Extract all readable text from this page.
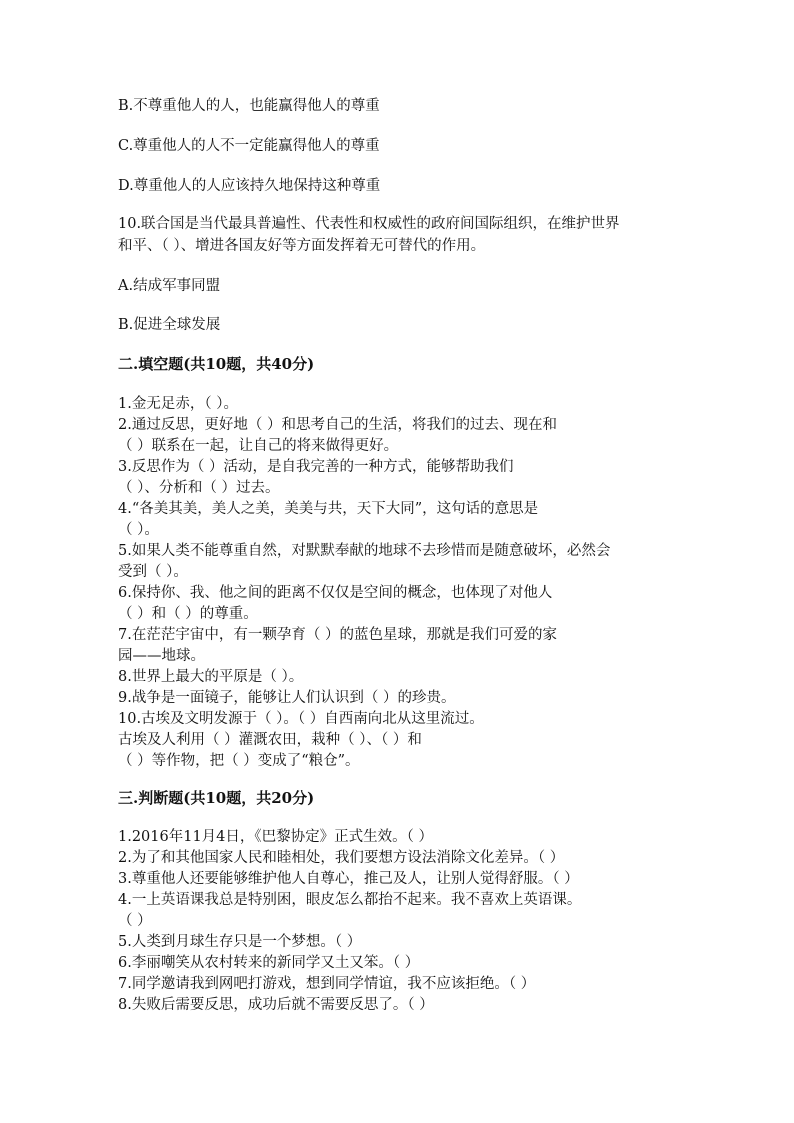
B.不尊重他人的人，也能赢得他人的尊重
C.尊重他人的人不一定能赢得他人的尊重
D.尊重他人的人应该持久地保持这种尊重
10.联合国是当代最具普遍性、代表性和权威性的政府间国际组织，在维护世界
和平、（ ）、增进各国友好等方面发挥着无可替代的作用。
A.结成军事同盟
B.促进全球发展
二.填空题(共10题，共40分)
1.金无足赤，（ ）。
2.通过反思，更好地（ ）和思考自己的生活，将我们的过去、现在和
（ ）联系在一起，让自己的将来做得更好。
3.反思作为（ ）活动，是自我完善的一种方式，能够帮助我们
（ ）、分析和（ ）过去。
4.“各美其美，美人之美，美美与共，天下大同”，这句话的意思是
（ ）。
5.如果人类不能尊重自然，对默默奉献的地球不去珍惜而是随意破坏，必然会
受到（ ）。
6.保持你、我、他之间的距离不仅仅是空间的概念，也体现了对他人
（ ）和（ ）的尊重。
7.在茫茫宇宙中，有一颗孕育（ ）的蓝色星球，那就是我们可爱的家
园——地球。
8.世界上最大的平原是（ ）。
9.战争是一面镜子，能够让人们认识到（ ）的珍贵。
10.古埃及文明发源于（ ）。（ ）自西南向北从这里流过。
古埃及人利用（ ）灌溉农田，栽种（ ）、（ ）和
（ ）等作物，把（ ）变成了“粮仓”。
三.判断题(共10题，共20分)
1.2016年11月4日，《巴黎协定》正式生效。（ ）
2.为了和其他国家人民和睦相处，我们要想方设法消除文化差异。（ ）
3.尊重他人还要能够维护他人自尊心，推己及人，让别人觉得舒服。（ ）
4.一上英语课我总是特别困，眼皮怎么都抬不起来。我不喜欢上英语课。
（ ）
5.人类到月球生存只是一个梦想。（ ）
6.李丽嘲笑从农村转来的新同学又土又笨。（ ）
7.同学邀请我到网吧打游戏，想到同学情谊，我不应该拒绝。（ ）
8.失败后需要反思，成功后就不需要反思了。（ ）
